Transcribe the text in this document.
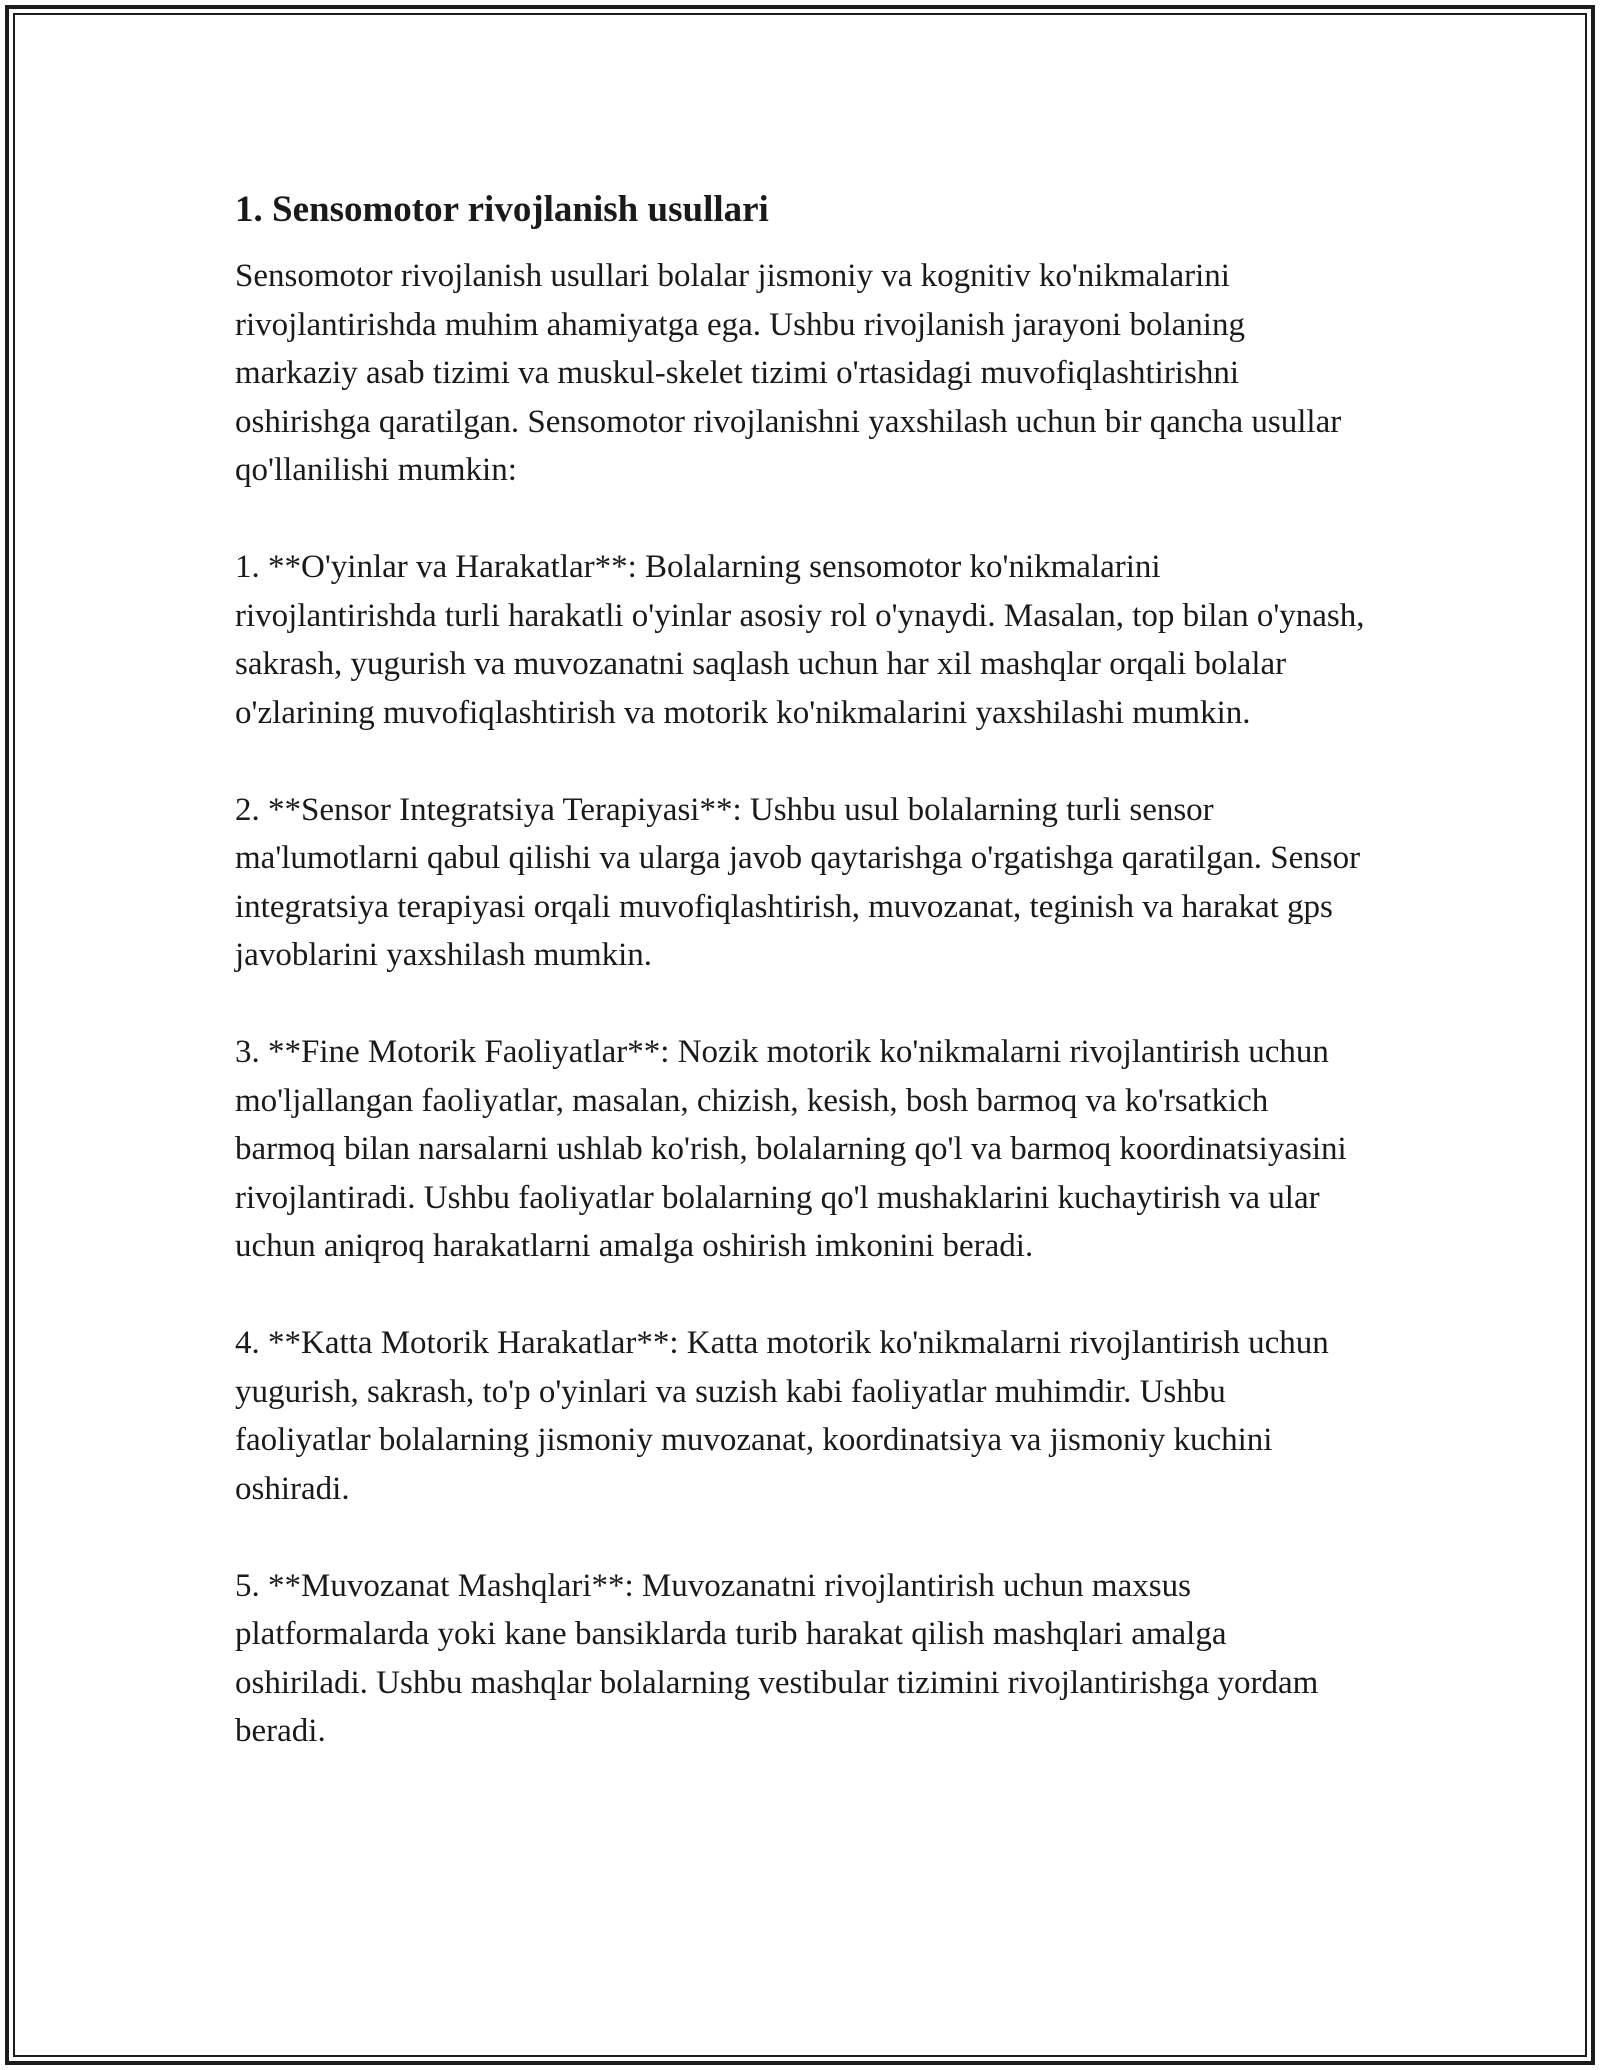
1. Sensomotor rivojlanish usullari

Sensomotor rivojlanish usullari bolalar jismoniy va kognitiv ko'nikmalarini rivojlantirishda muhim ahamiyatga ega. Ushbu rivojlanish jarayoni bolaning markaziy asab tizimi va muskul-skelet tizimi o'rtasidagi muvofiqlashtirishni oshirishga qaratilgan. Sensomotor rivojlanishni yaxshilash uchun bir qancha usullar qo'llanilishi mumkin:

1. **O'yinlar va Harakatlar**: Bolalarning sensomotor ko'nikmalarini rivojlantirishda turli harakatli o'yinlar asosiy rol o'ynaydi. Masalan, top bilan o'ynash, sakrash, yugurish va muvozanatni saqlash uchun har xil mashqlar orqali bolalar o'zlarining muvofiqlashtirish va motorik ko'nikmalarini yaxshilashi mumkin.

2. **Sensor Integratsiya Terapiyasi**: Ushbu usul bolalarning turli sensor ma'lumotlarni qabul qilishi va ularga javob qaytarishga o'rgatishga qaratilgan. Sensor integratsiya terapiyasi orqali muvofiqlashtirish, muvozanat, teginish va harakat gps javoblarini yaxshilash mumkin.

3. **Fine Motorik Faoliyatlar**: Nozik motorik ko'nikmalarni rivojlantirish uchun mo'ljallangan faoliyatlar, masalan, chizish, kesish, bosh barmoq va ko'rsatkich barmoq bilan narsalarni ushlab ko'rish, bolalarning qo'l va barmoq koordinatsiyasini rivojlantiradi. Ushbu faoliyatlar bolalarning qo'l mushaklarini kuchaytirish va ular uchun aniqroq harakatlarni amalga oshirish imkonini beradi.

4. **Katta Motorik Harakatlar**: Katta motorik ko'nikmalarni rivojlantirish uchun yugurish, sakrash, to'p o'yinlari va suzish kabi faoliyatlar muhimdir. Ushbu faoliyatlar bolalarning jismoniy muvozanat, koordinatsiya va jismoniy kuchini oshiradi.

5. **Muvozanat Mashqlari**: Muvozanatni rivojlantirish uchun maxsus platformalarda yoki kane bansiklarda turib harakat qilish mashqlari amalga oshiriladi. Ushbu mashqlar bolalarning vestibular tizimini rivojlantirishga yordam beradi.
